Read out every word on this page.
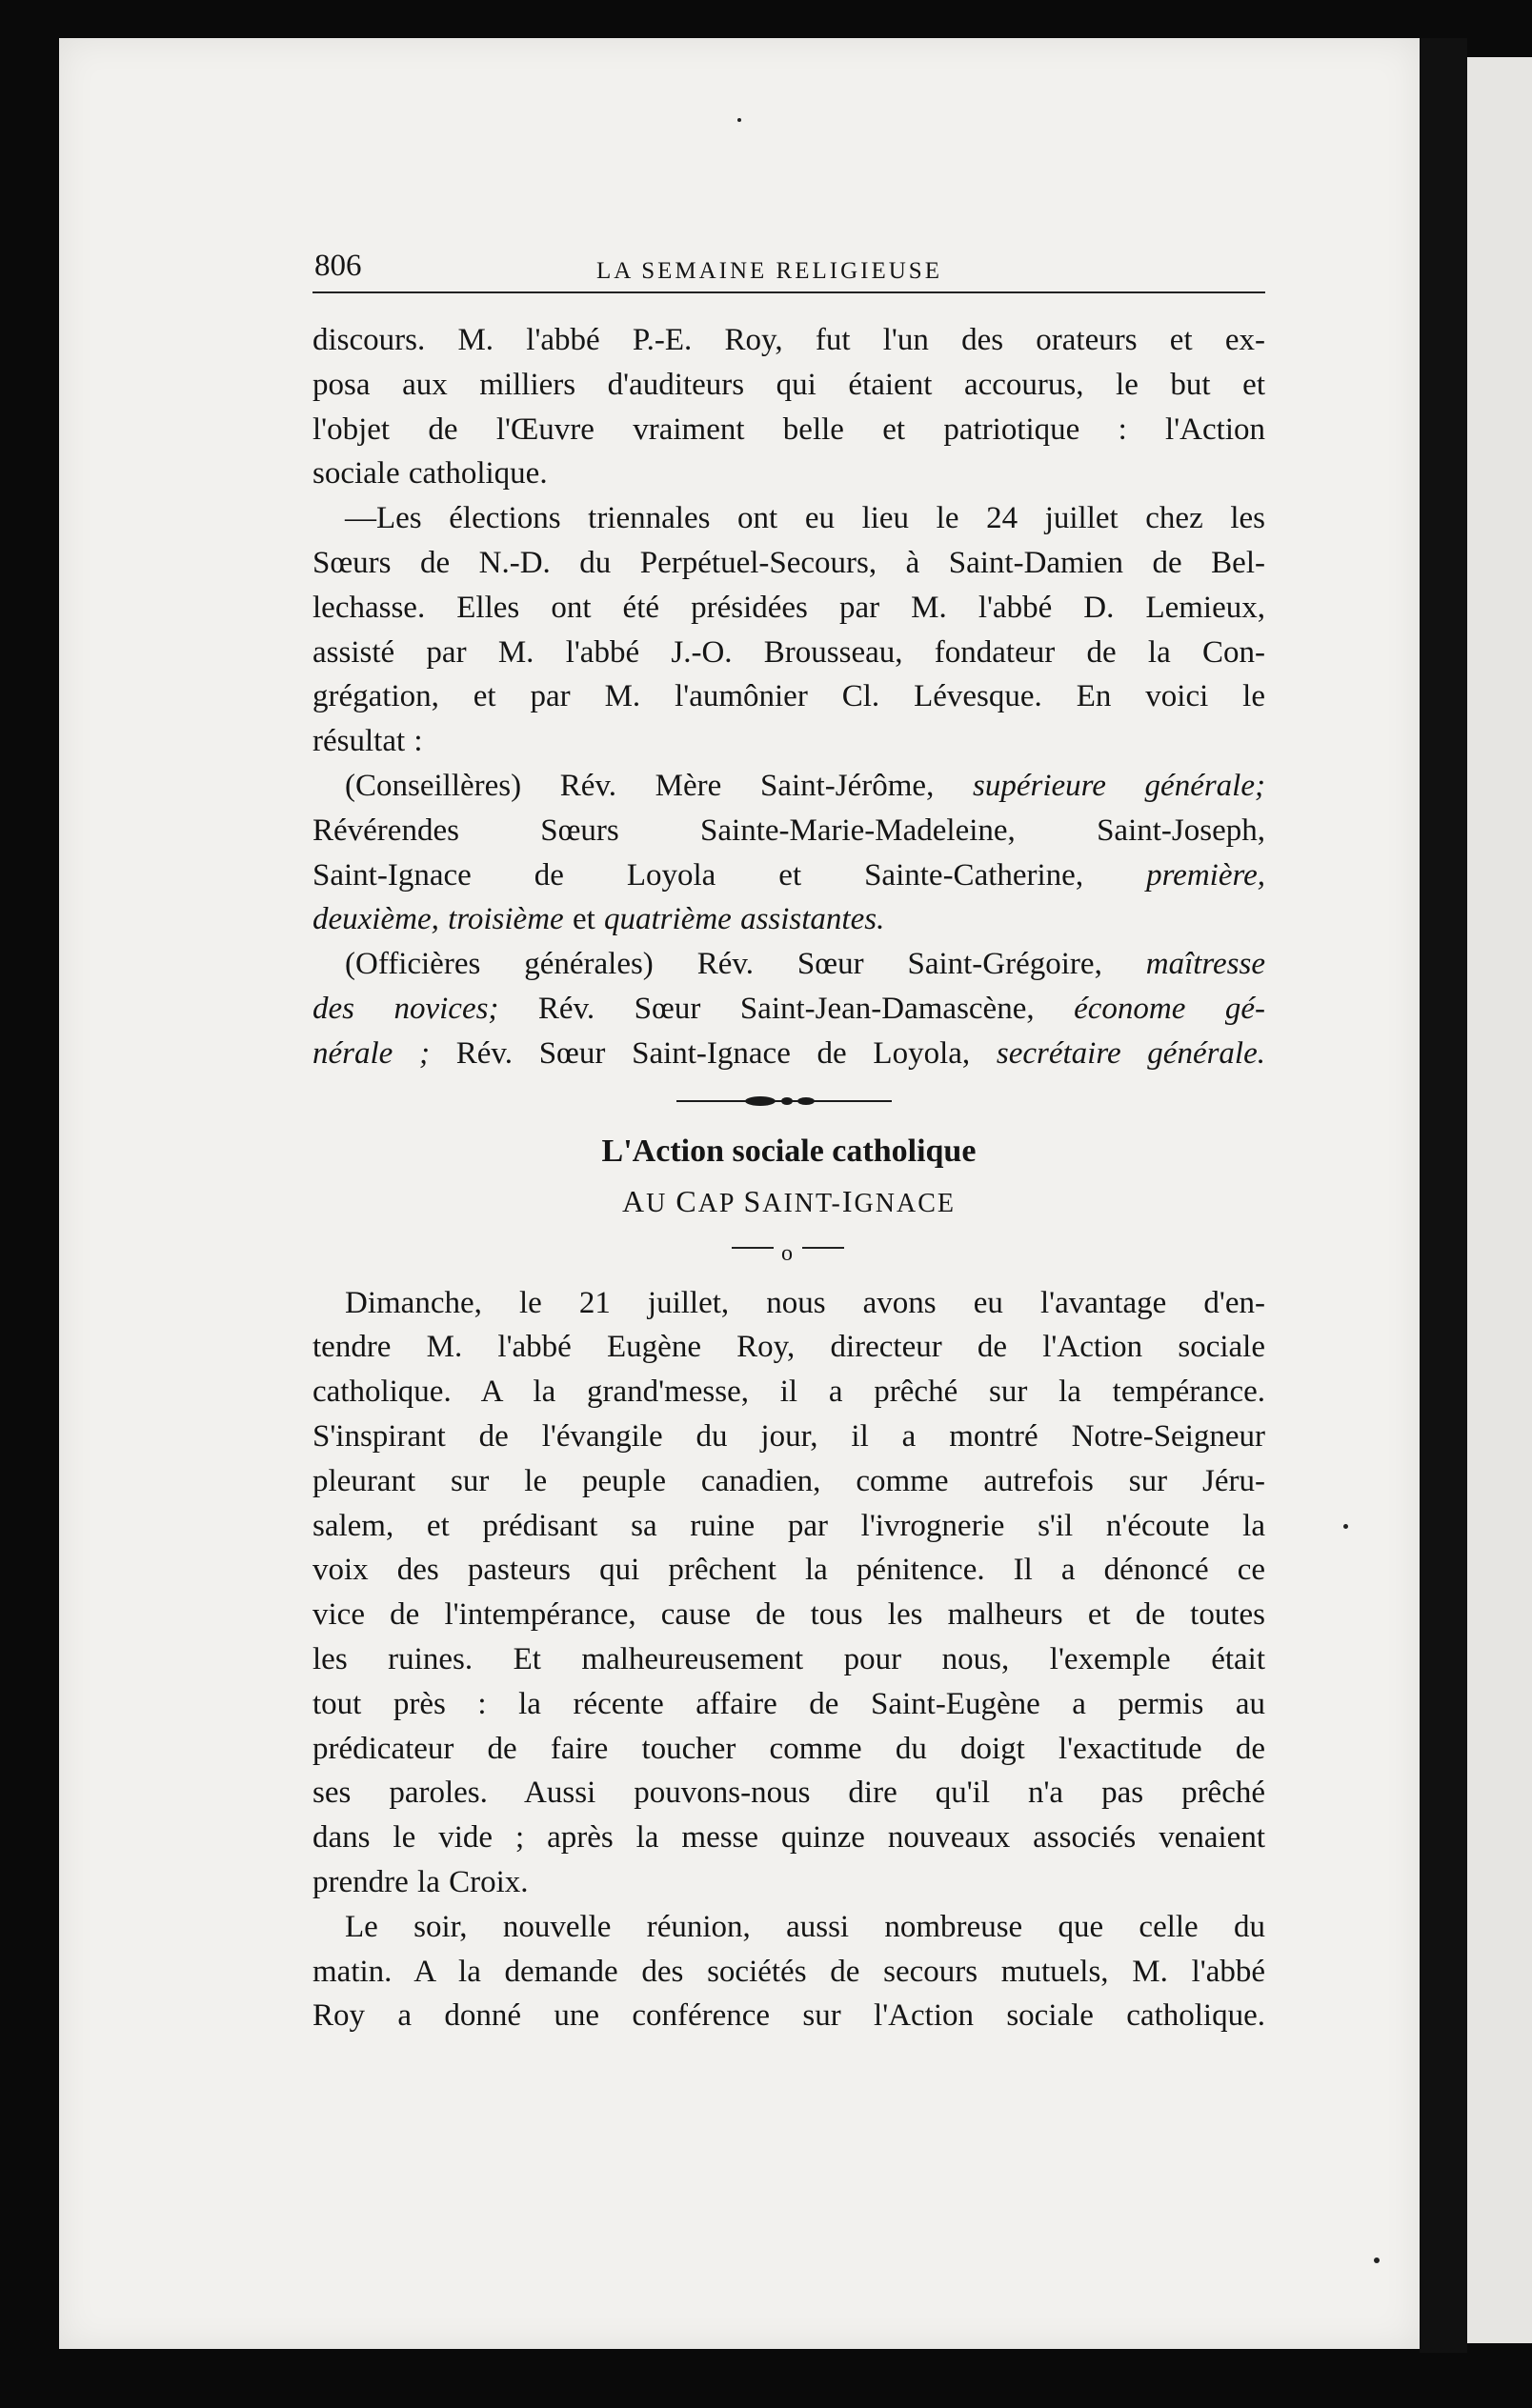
806	LA SEMAINE RELIGIEUSE

discours. M. l'abbé P.-E. Roy, fut l'un des orateurs et ex-

posa aux milliers d'auditeurs qui étaient accourus, le but et

l'objet de l'Œuvre vraiment belle et patriotique : l'Action

sociale catholique.

—Les élections triennales ont eu lieu le 24 juillet chez les

Sœurs de N.-D. du Perpétuel-Secours, à Saint-Damien de Bel-

lechasse. Elles ont été présidées par M. l'abbé D. Lemieux,

assisté par M. l'abbé J.-O. Brousseau, fondateur de la Con-

grégation, et par M. l'aumônier Cl. Lévesque. En voici le

résultat :

(Conseillères) Rév. Mère Saint-Jérôme, supérieure générale;

Révérendes Sœurs Sainte-Marie-Madeleine, Saint-Joseph,

Saint-Ignace de Loyola et Sainte-Catherine, première,

deuxième, troisième et quatrième assistantes.

(Officières générales) Rév. Sœur Saint-Grégoire, maîtresse

des novices; Rév. Sœur Saint-Jean-Damascène, économe gé-

nérale ; Rév. Sœur Saint-Ignace de Loyola, secrétaire générale.

L'Action sociale catholique
AU CAP SAINT-IGNACE
o

Dimanche, le 21 juillet, nous avons eu l'avantage d'en-

tendre M. l'abbé Eugène Roy, directeur de l'Action sociale

catholique. A la grand'messe, il a prêché sur la tempérance.

S'inspirant de l'évangile du jour, il a montré Notre-Seigneur

pleurant sur le peuple canadien, comme autrefois sur Jéru-

salem, et prédisant sa ruine par l'ivrognerie s'il n'écoute la

voix des pasteurs qui prêchent la pénitence. Il a dénoncé ce

vice de l'intempérance, cause de tous les malheurs et de toutes

les ruines. Et malheureusement pour nous, l'exemple était

tout près : la récente affaire de Saint-Eugène a permis au

prédicateur de faire toucher comme du doigt l'exactitude de

ses paroles. Aussi pouvons-nous dire qu'il n'a pas prêché

dans le vide ; après la messe quinze nouveaux associés venaient

prendre la Croix.

Le soir, nouvelle réunion, aussi nombreuse que celle du

matin. A la demande des sociétés de secours mutuels, M. l'abbé

Roy a donné une conférence sur l'Action sociale catholique.
